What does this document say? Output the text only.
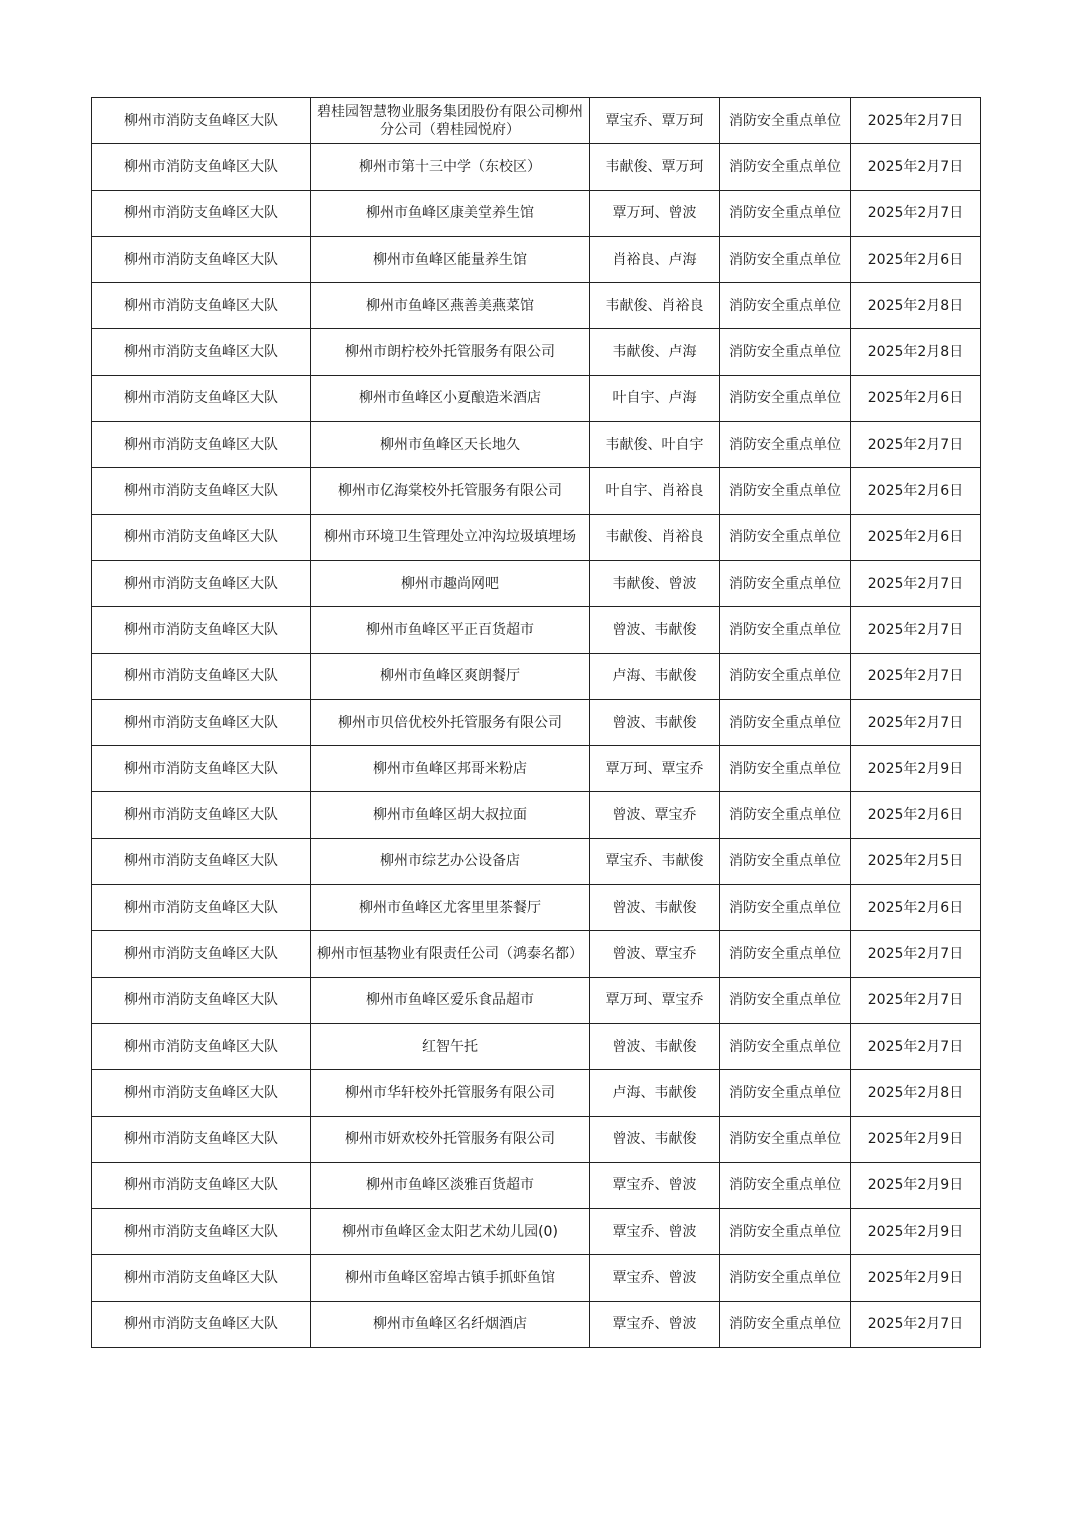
柳州市消防支鱼峰区大队	碧桂园智慧物业服务集团股份有限公司柳州分公司（碧桂园悦府）	覃宝乔、覃万珂	消防安全重点单位	2025年2月7日
柳州市消防支鱼峰区大队	柳州市第十三中学（东校区）	韦献俊、覃万珂	消防安全重点单位	2025年2月7日
柳州市消防支鱼峰区大队	柳州市鱼峰区康美堂养生馆	覃万珂、曾波	消防安全重点单位	2025年2月7日
柳州市消防支鱼峰区大队	柳州市鱼峰区能量养生馆	肖裕良、卢海	消防安全重点单位	2025年2月6日
柳州市消防支鱼峰区大队	柳州市鱼峰区燕善美燕菜馆	韦献俊、肖裕良	消防安全重点单位	2025年2月8日
柳州市消防支鱼峰区大队	柳州市朗柠校外托管服务有限公司	韦献俊、卢海	消防安全重点单位	2025年2月8日
柳州市消防支鱼峰区大队	柳州市鱼峰区小夏酿造米酒店	叶自宇、卢海	消防安全重点单位	2025年2月6日
柳州市消防支鱼峰区大队	柳州市鱼峰区天长地久	韦献俊、叶自宇	消防安全重点单位	2025年2月7日
柳州市消防支鱼峰区大队	柳州市亿海棠校外托管服务有限公司	叶自宇、肖裕良	消防安全重点单位	2025年2月6日
柳州市消防支鱼峰区大队	柳州市环境卫生管理处立冲沟垃圾填埋场	韦献俊、肖裕良	消防安全重点单位	2025年2月6日
柳州市消防支鱼峰区大队	柳州市趣尚网吧	韦献俊、曾波	消防安全重点单位	2025年2月7日
柳州市消防支鱼峰区大队	柳州市鱼峰区平正百货超市	曾波、韦献俊	消防安全重点单位	2025年2月7日
柳州市消防支鱼峰区大队	柳州市鱼峰区爽朗餐厅	卢海、韦献俊	消防安全重点单位	2025年2月7日
柳州市消防支鱼峰区大队	柳州市贝倍优校外托管服务有限公司	曾波、韦献俊	消防安全重点单位	2025年2月7日
柳州市消防支鱼峰区大队	柳州市鱼峰区邦哥米粉店	覃万珂、覃宝乔	消防安全重点单位	2025年2月9日
柳州市消防支鱼峰区大队	柳州市鱼峰区胡大叔拉面	曾波、覃宝乔	消防安全重点单位	2025年2月6日
柳州市消防支鱼峰区大队	柳州市综艺办公设备店	覃宝乔、韦献俊	消防安全重点单位	2025年2月5日
柳州市消防支鱼峰区大队	柳州市鱼峰区尤客里里茶餐厅	曾波、韦献俊	消防安全重点单位	2025年2月6日
柳州市消防支鱼峰区大队	柳州市恒基物业有限责任公司（鸿泰名都）	曾波、覃宝乔	消防安全重点单位	2025年2月7日
柳州市消防支鱼峰区大队	柳州市鱼峰区爱乐食品超市	覃万珂、覃宝乔	消防安全重点单位	2025年2月7日
柳州市消防支鱼峰区大队	红智午托	曾波、韦献俊	消防安全重点单位	2025年2月7日
柳州市消防支鱼峰区大队	柳州市华轩校外托管服务有限公司	卢海、韦献俊	消防安全重点单位	2025年2月8日
柳州市消防支鱼峰区大队	柳州市妍欢校外托管服务有限公司	曾波、韦献俊	消防安全重点单位	2025年2月9日
柳州市消防支鱼峰区大队	柳州市鱼峰区淡雅百货超市	覃宝乔、曾波	消防安全重点单位	2025年2月9日
柳州市消防支鱼峰区大队	柳州市鱼峰区金太阳艺术幼儿园(0)	覃宝乔、曾波	消防安全重点单位	2025年2月9日
柳州市消防支鱼峰区大队	柳州市鱼峰区窑埠古镇手抓虾鱼馆	覃宝乔、曾波	消防安全重点单位	2025年2月9日
柳州市消防支鱼峰区大队	柳州市鱼峰区名纤烟酒店	覃宝乔、曾波	消防安全重点单位	2025年2月7日
